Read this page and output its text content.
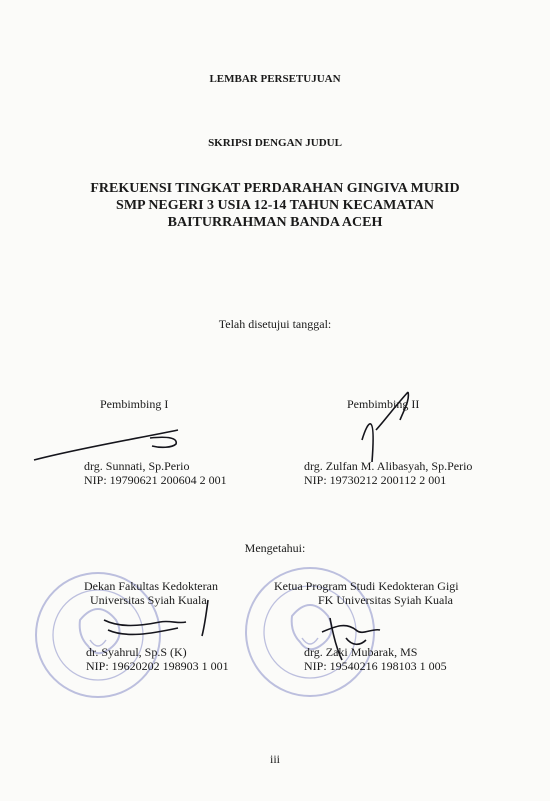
LEMBAR PERSETUJUAN
SKRIPSI DENGAN JUDUL
FREKUENSI TINGKAT PERDARAHAN GINGIVA MURID
SMP NEGERI 3 USIA 12-14 TAHUN KECAMATAN
BAITURRAHMAN BANDA ACEH
Telah disetujui tanggal:
Pembimbing I
drg. Sunnati, Sp.Perio
NIP: 19790621 200604 2 001
Pembimbing II
drg. Zulfan M. Alibasyah, Sp.Perio
NIP: 19730212 200112 2 001
Mengetahui:
Dekan Fakultas Kedokteran
Universitas Syiah Kuala
dr. Syahrul, Sp.S (K)
NIP: 19620202 198903 1 001
Ketua Program Studi Kedokteran Gigi
FK Universitas Syiah Kuala
drg. Zaki Mubarak, MS
NIP: 19540216 198103 1 005
iii
